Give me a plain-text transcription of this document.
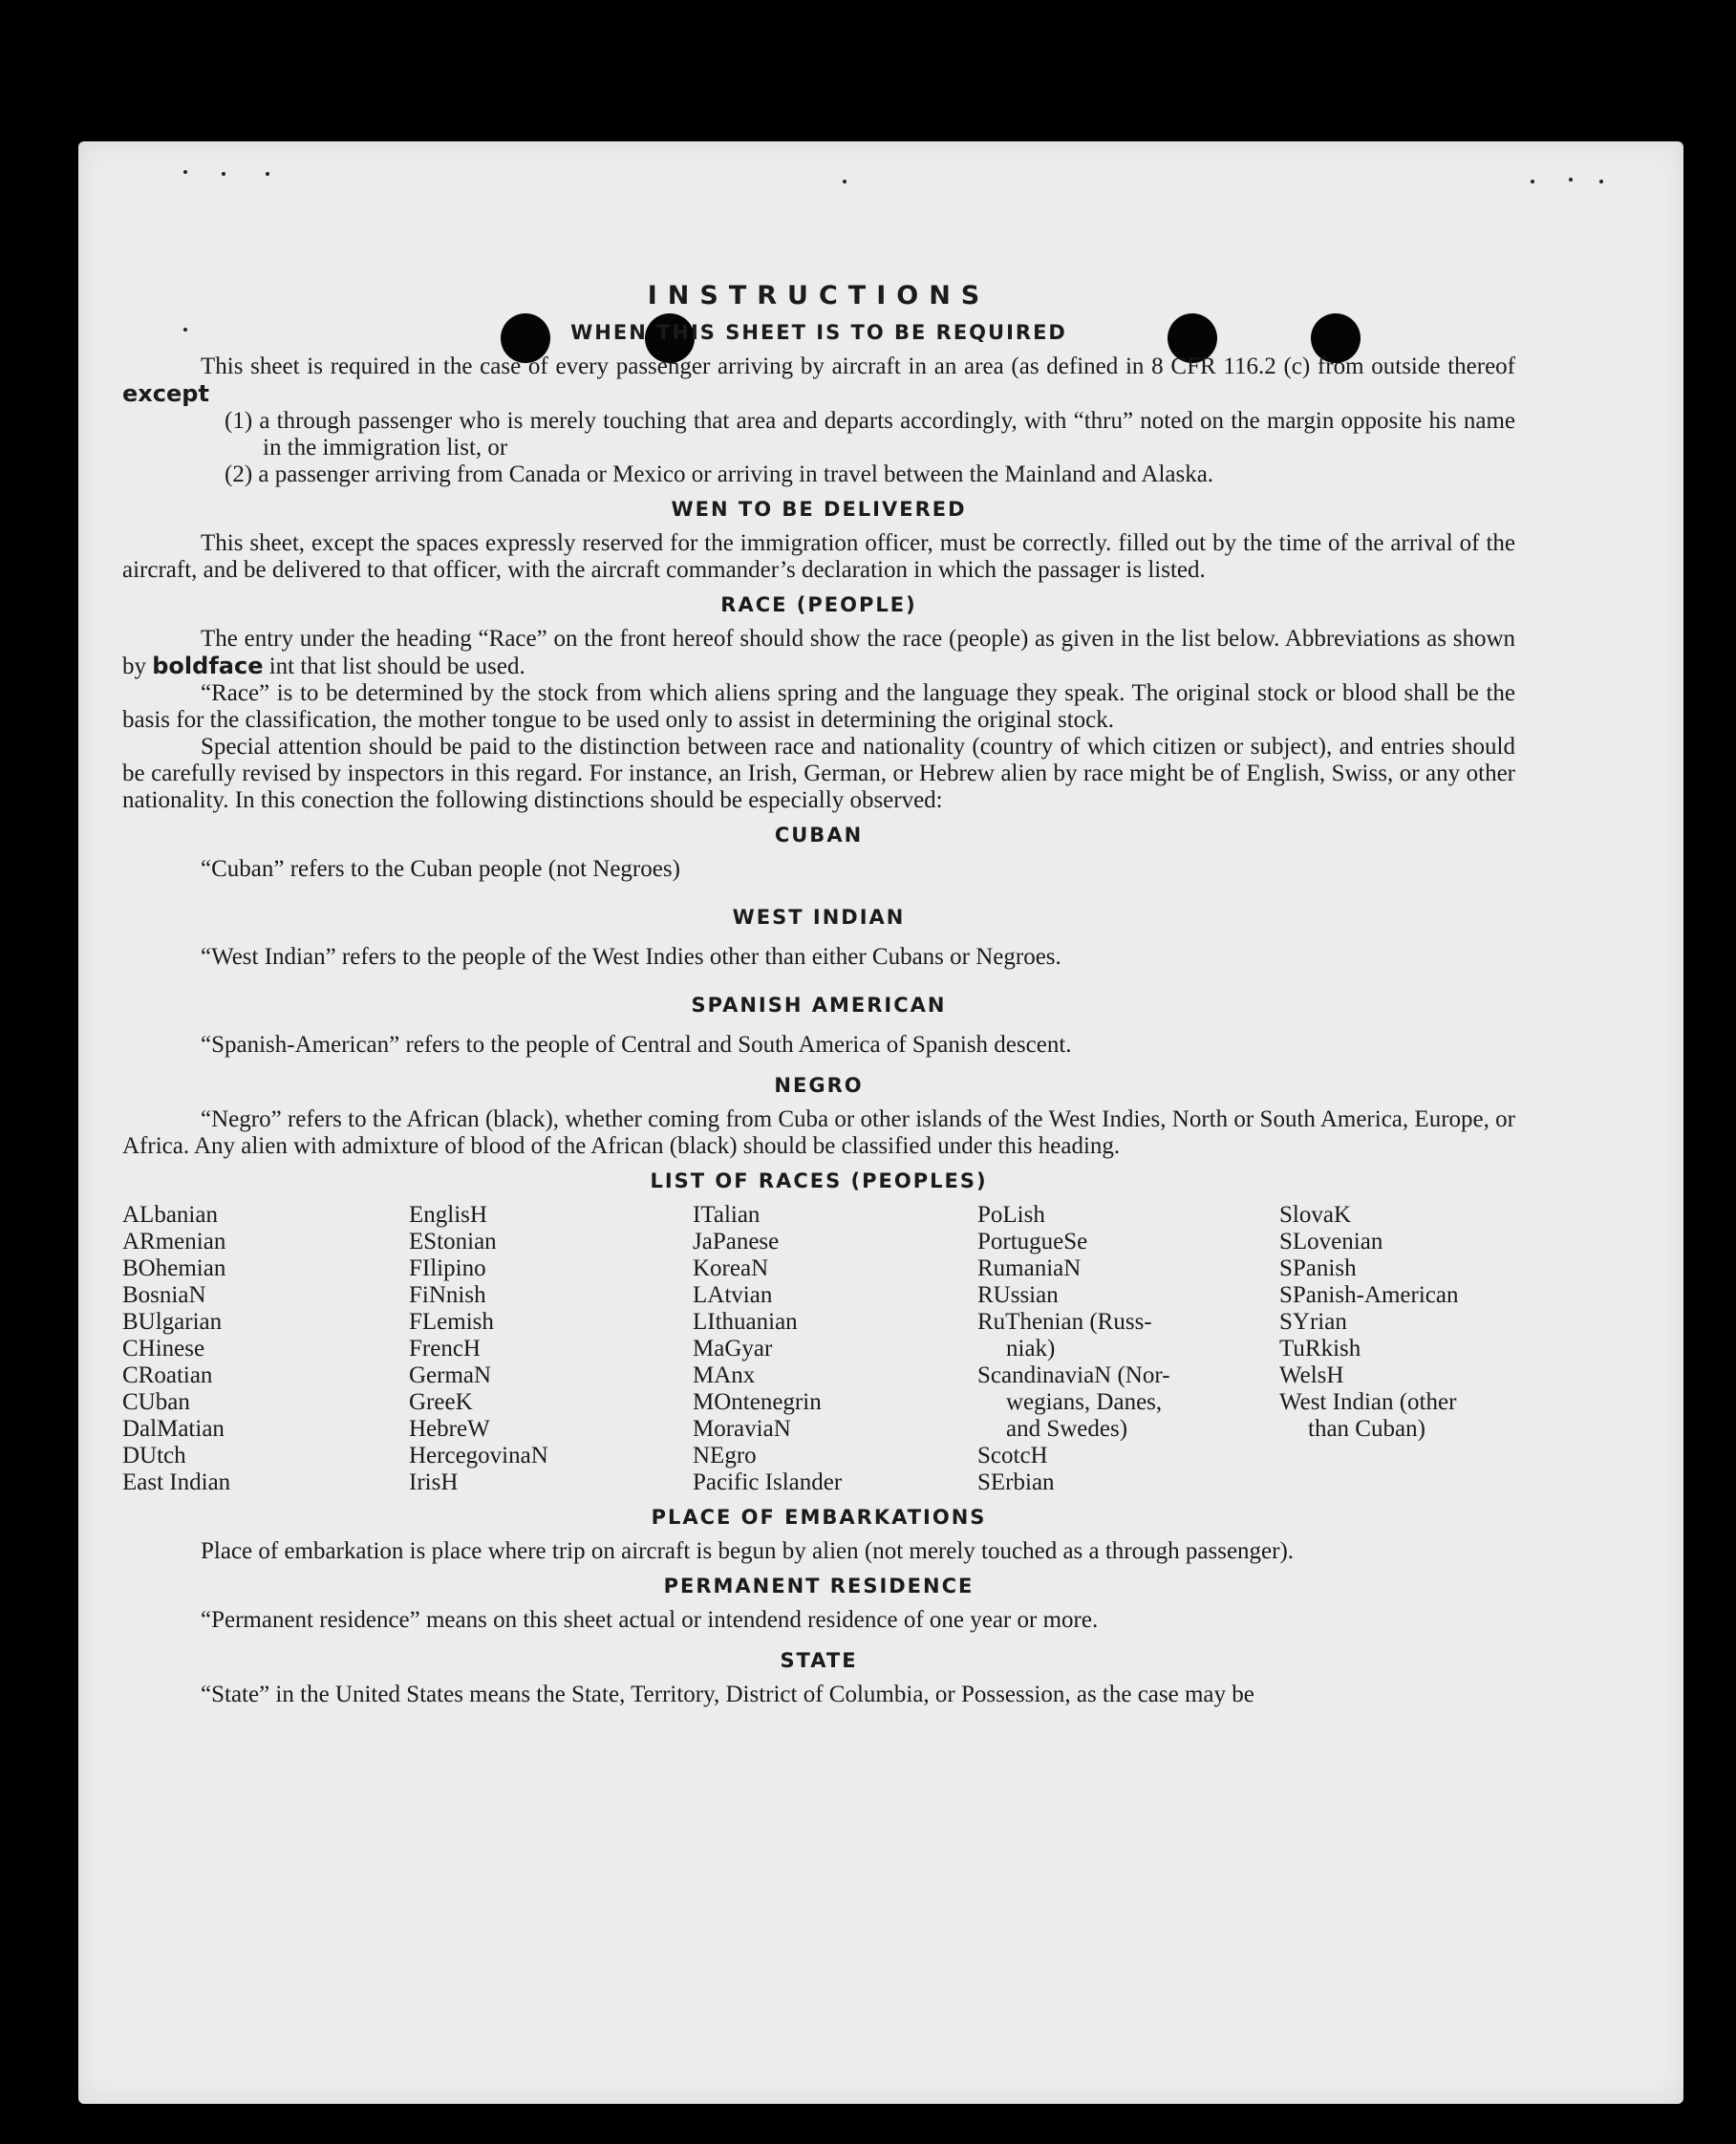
INSTRUCTIONS
WHEN THIS SHEET IS TO BE REQUIRED

This sheet is required in the case of every passenger arriving by aircraft in an area (as defined in 8 CFR 116.2 (c) from outside thereof except

(1) a through passenger who is merely touching that area and departs accordingly, with “thru” noted on the margin opposite his name in the immigration list, or

(2) a passenger arriving from Canada or Mexico or arriving in travel between the Mainland and Alaska.

WEN TO BE DELIVERED

This sheet, except the spaces expressly reserved for the immigration officer, must be correctly. filled out by the time of the arrival of the aircraft, and be delivered to that officer, with the aircraft commander’s declaration in which the passager is listed.

RACE (PEOPLE)

The entry under the heading “Race” on the front hereof should show the race (people) as given in the list below. Abbreviations as shown by boldface int that list should be used.

“Race” is to be determined by the stock from which aliens spring and the language they speak. The original stock or blood shall be the basis for the classification, the mother tongue to be used only to assist in determining the original stock.

Special attention should be paid to the distinction between race and nationality (country of which citizen or subject), and entries should be carefully revised by inspectors in this regard. For instance, an Irish, German, or Hebrew alien by race might be of English, Swiss, or any other nationality. In this conection the following distinctions should be especially observed:

CUBAN

“Cuban” refers to the Cuban people (not Negroes)

WEST INDIAN

“West Indian” refers to the people of the West Indies other than either Cubans or Negroes.

SPANISH AMERICAN

“Spanish-American” refers to the people of Central and South America of Spanish descent.

NEGRO

“Negro” refers to the African (black), whether coming from Cuba or other islands of the West Indies, North or South America, Europe, or Africa. Any alien with admixture of blood of the African (black) should be classified under this heading.

LIST OF RACES (PEOPLES)
ALbanian
ARmenian
BOhemian
BosniaN
BUlgarian
CHinese
CRoatian
CUban
DalMatian
DUtch
East Indian
EnglisH
EStonian
FIlipino
FiNnish
FLemish
FrencH
GermaN
GreeK
HebreW
HercegovinaN
IrisH
ITalian
JaPanese
KoreaN
LAtvian
LIthuanian
MaGyar
MAnx
MOntenegrin
MoraviaN
NEgro
Pacific Islander
PoLish
PortugueSe
RumaniaN
RUssian
RuThenian (Russ-
niak)
ScandinaviaN (Nor-
wegians, Danes,
and Swedes)
ScotcH
SErbian
SlovaK
SLovenian
SPanish
SPanish-American
SYrian
TuRkish
WelsH
West Indian (other
than Cuban)
PLACE OF EMBARKATIONS

Place of embarkation is place where trip on aircraft is begun by alien (not merely touched as a through passenger).

PERMANENT RESIDENCE

“Permanent residence” means on this sheet actual or intendend residence of one year or more.

STATE

“State” in the United States means the State, Territory, District of Columbia, or Possession, as the case may be
